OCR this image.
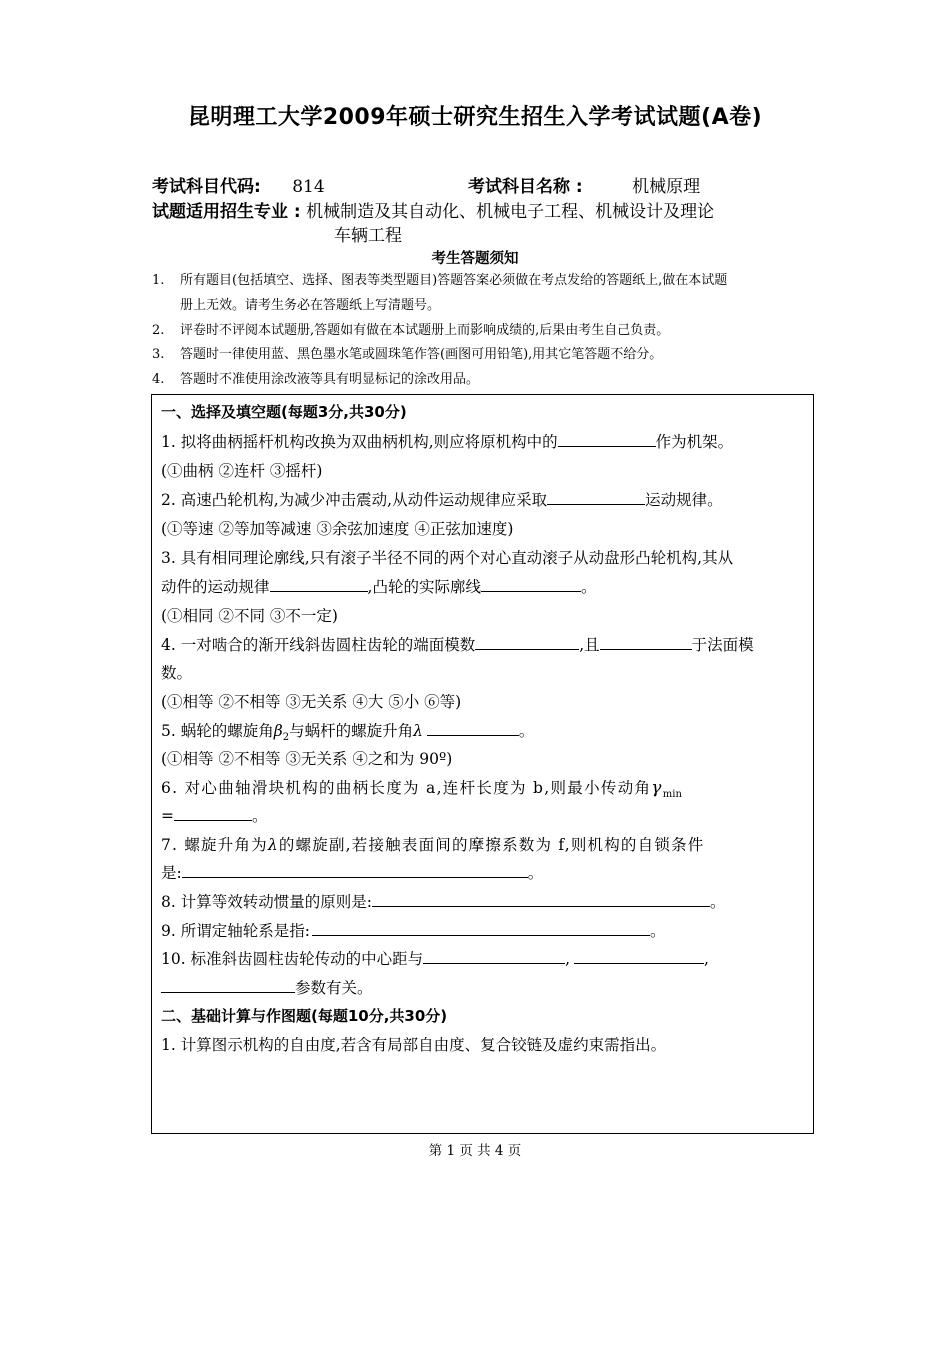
昆明理工大学2009年硕士研究生招生入学考试试题(A卷)
考试科目代码: 814	考试科目名称 :	机械原理
试题适用招生专业 : 机械制造及其自动化、机械电子工程、机械设计及理论
车辆工程
考生答题须知
1. 所有题目(包括填空、选择、图表等类型题目)答题答案必须做在考点发给的答题纸上,做在本试题
册上无效。请考生务必在答题纸上写清题号。
2. 评卷时不评阅本试题册,答题如有做在本试题册上而影响成绩的,后果由考生自己负责。
3. 答题时一律使用蓝、黑色墨水笔或圆珠笔作答(画图可用铅笔),用其它笔答题不给分。
4. 答题时不准使用涂改液等具有明显标记的涂改用品。
一、选择及填空题(每题3分,共30分)
1. 拟将曲柄摇杆机构改换为双曲柄机构,则应将原机构中的	作为机架。
(①曲柄 ②连杆 ③摇杆)
2. 高速凸轮机构,为减少冲击震动,从动件运动规律应采取	运动规律。
(①等速 ②等加等减速 ③余弦加速度 ④正弦加速度)
3. 具有相同理论廓线,只有滚子半径不同的两个对心直动滚子从动盘形凸轮机构,其从
动件的运动规律	,凸轮的实际廓线	。
(①相同 ②不同 ③不一定)
4. 一对啮合的渐开线斜齿圆柱齿轮的端面模数	,且	于法面模
数。
(①相等 ②不相等 ③无关系 ④大 ⑤小 ⑥等)
5. 蜗轮的螺旋角$\beta_2$与蜗杆的螺旋升角λ	。
(①相等 ②不相等 ③无关系 ④之和为 90º)
6. 对心曲轴滑块机构的曲柄长度为 a,连杆长度为 b,则最小传动角$\gamma_{min}$
=	。
7. 螺旋升角为λ的螺旋副,若接触表面间的摩擦系数为 f,则机构的自锁条件
是:	。
8. 计算等效转动惯量的原则是:	。
9. 所谓定轴轮系是指:	。
10. 标准斜齿圆柱齿轮传动的中心距与	,	,
参数有关。
二、基础计算与作图题(每题10分,共30分)
1. 计算图示机构的自由度,若含有局部自由度、复合铰链及虚约束需指出。
第 1 页 共 4 页
